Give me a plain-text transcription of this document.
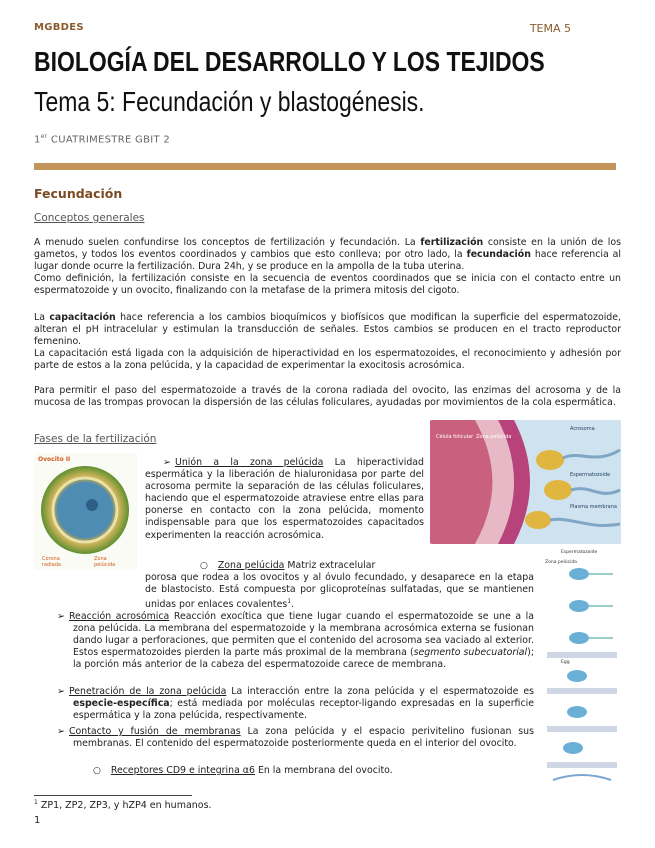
MGBDES	TEMA 5
BIOLOGÍA DEL DESARROLLO Y LOS TEJIDOS
Tema 5: Fecundación y blastogénesis.
1er CUATRIMESTRE GBIT 2
Fecundación
Conceptos generales
A menudo suelen confundirse los conceptos de fertilización y fecundación. La fertilización consiste en la unión de los gametos, y todos los eventos coordinados y cambios que esto conlleva; por otro lado, la fecundación hace referencia al lugar donde ocurre la fertilización. Dura 24h, y se produce en la ampolla de la tuba uterina.
Como definición, la fertilización consiste en la secuencia de eventos coordinados que se inicia con el contacto entre un espermatozoide y un ovocito, finalizando con la metafase de la primera mitosis del cigoto.
La capacitación hace referencia a los cambios bioquímicos y biofísicos que modifican la superficie del espermatozoide, alteran el pH intracelular y estimulan la transducción de señales. Estos cambios se producen en el tracto reproductor femenino.
La capacitación está ligada con la adquisición de hiperactividad en los espermatozoides, el reconocimiento y adhesión por parte de estos a la zona pelúcida, y la capacidad de experimentar la exocitosis acrosómica.
Para permitir el paso del espermatozoide a través de la corona radiada del ovocito, las enzimas del acrosoma y de la mucosa de las trompas provocan la dispersión de las células foliculares, ayudadas por movimientos de la cola espermática.
Fases de la fertilización
Ovocito II
Corona radiada
Zona pelúcida
Célula folicular Zona pelúcida
Acrosoma
Espermatozoide
Plasma membrana
Espermatozoide
Zona pelúcida
Egg
➢ Unión a la zona pelúcida La hiperactividad espermática y la liberación de hialuronidasa por parte del acrosoma permite la separación de las células foliculares, haciendo que el espermatozoide atraviese entre ellas para ponerse en contacto con la zona pelúcida, momento indispensable para que los espermatozoides capacitados experimenten la reacción acrosómica.
○ Zona pelúcida Matriz extracelular
porosa que rodea a los ovocitos y al óvulo fecundado, y desaparece en la etapa de blastocisto. Está compuesta por glicoproteínas sulfatadas, que se mantienen unidas por enlaces covalentes$^1$.
➢ Reacción acrosómica Reacción exocítica que tiene lugar cuando el espermatozoide se une a la zona pelúcida. La membrana del espermatozoide y la membrana acrosómica externa se fusionan dando lugar a perforaciones, que permiten que el contenido del acrosoma sea vaciado al exterior. Estos espermatozoides pierden la parte más proximal de la membrana (segmento subecuatorial); la porción más anterior de la cabeza del espermatozoide carece de membrana.
➢ Penetración de la zona pelúcida La interacción entre la zona pelúcida y el espermatozoide es especie-específica; está mediada por moléculas receptor-ligando expresadas en la superficie espermática y la zona pelúcida, respectivamente.
➢ Contacto y fusión de membranas La zona pelúcida y el espacio perivitelino fusionan sus membranas. El contenido del espermatozoide posteriormente queda en el interior del ovocito.
○ Receptores CD9 e integrina α6 En la membrana del ovocito.
$^1$ ZP1, ZP2, ZP3, y hZP4 en humanos.
1
